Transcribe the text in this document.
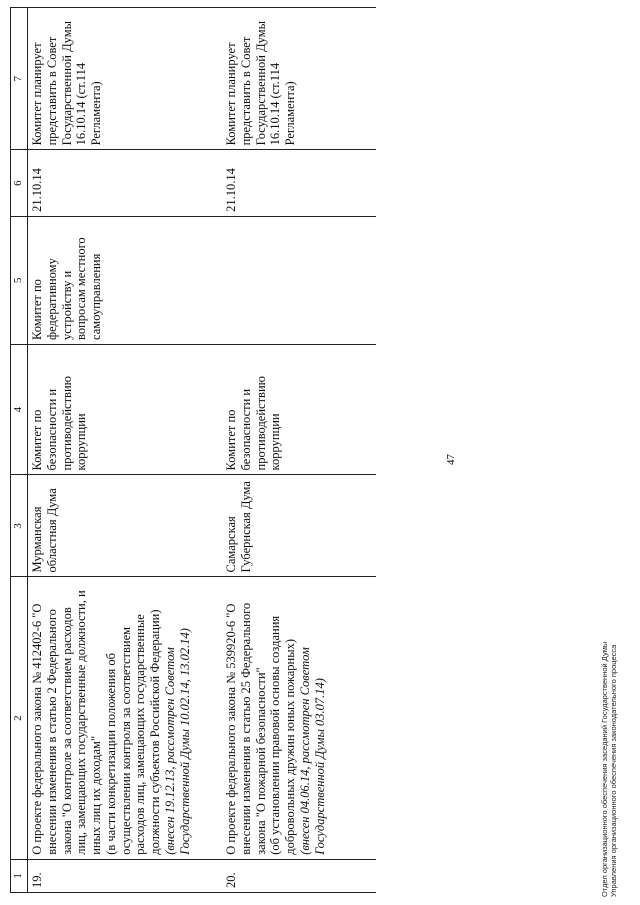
47
1	2	3	4	5	6	7
19.	О проекте федерального закона № 412402-6 "О внесении изменения в статью 2 Федерального закона "О контроле за соответствием расходов лиц, замещающих государственные должности, и иных лиц их доходам" (в части конкретизации положения об осуществлении контроля за соответствием расходов лиц, замещающих государственные должности субъектов Российской Федерации) (внесен 19.12.13, рассмотрен Советом Государственной Думы 10.02.14, 13.02.14)	Мурманская областная Дума	Комитет по безопасности и противодействию коррупции	Комитет по федеративному устройству и вопросам местного самоуправления	21.10.14	Комитет планирует представить в Совет Государственной Думы 16.10.14 (ст.114 Регламента)
20.	О проекте федерального закона № 539920-6 "О внесении изменения в статью 25 Федерального закона "О пожарной безопасности" (об установлении правовой основы создания добровольных дружин юных пожарных) (внесен 04.06.14, рассмотрен Советом Государственной Думы 03.07.14)	Самарская Губернская Дума	Комитет по безопасности и противодействию коррупции		21.10.14	Комитет планирует представить в Совет Государственной Думы 16.10.14 (ст.114 Регламента)
Отдел организационного обеспечения заседаний Государственной Думы Управления организационного обеспечения законодательного процесса
